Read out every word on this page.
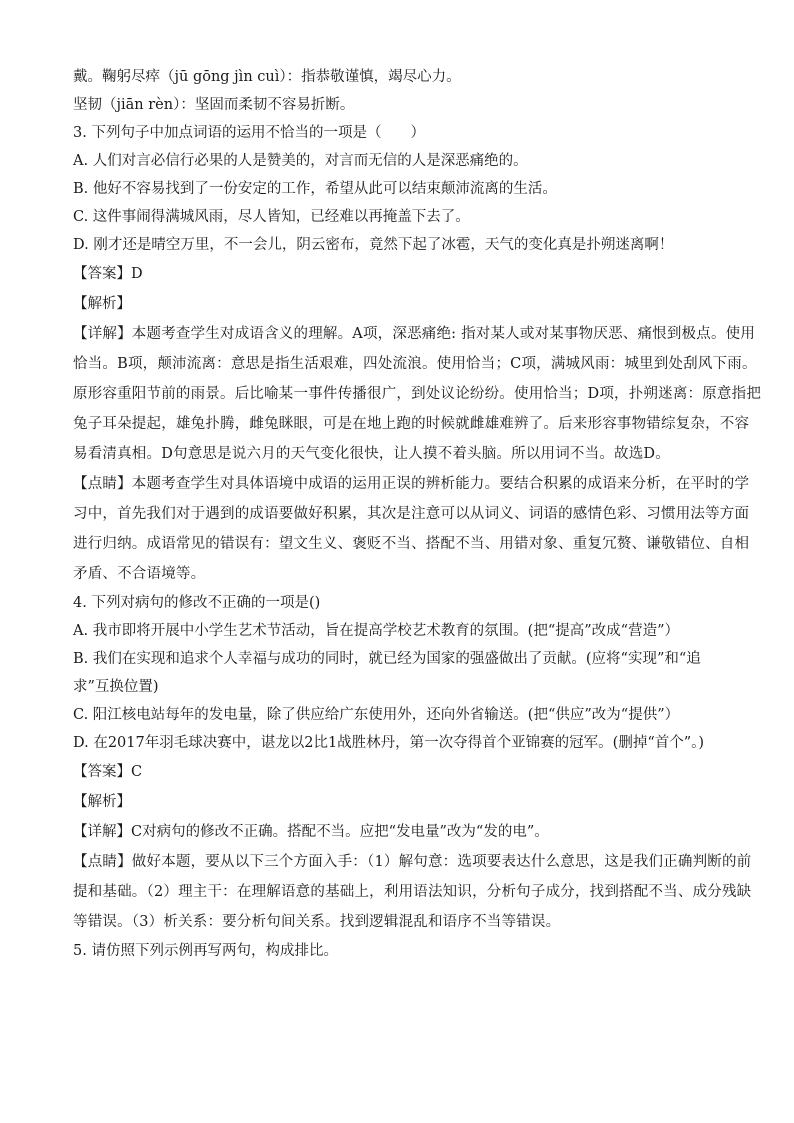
戴。鞠躬尽瘁（jū gōng jìn cuì）：指恭敬谨慎，竭尽心力。
坚韧（jiān rèn）：坚固而柔韧不容易折断。
3. 下列句子中加点词语的运用不恰当的一项是（　　）
A. 人们对言必信行必果的人是赞美的，对言而无信的人是深恶痛绝的。
B. 他好不容易找到了一份安定的工作，希望从此可以结束颠沛流离的生活。
C. 这件事闹得满城风雨，尽人皆知，已经难以再掩盖下去了。
D. 刚才还是晴空万里，不一会儿，阴云密布，竟然下起了冰雹，天气的变化真是扑朔迷离啊！
【答案】D
【解析】
【详解】本题考查学生对成语含义的理解。A项，深恶痛绝: 指对某人或对某事物厌恶、痛恨到极点。使用
恰当。B项，颠沛流离：意思是指生活艰难，四处流浪。使用恰当；C项，满城风雨：城里到处刮风下雨。
原形容重阳节前的雨景。后比喻某一事件传播很广，到处议论纷纷。使用恰当；D项，扑朔迷离：原意指把
兔子耳朵提起，雄兔扑腾，雌兔眯眼，可是在地上跑的时候就雌雄难辨了。后来形容事物错综复杂，不容
易看清真相。D句意思是说六月的天气变化很快，让人摸不着头脑。所以用词不当。故选D。
【点睛】本题考查学生对具体语境中成语的运用正误的辨析能力。要结合积累的成语来分析，在平时的学
习中，首先我们对于遇到的成语要做好积累，其次是注意可以从词义、词语的感情色彩、习惯用法等方面
进行归纳。成语常见的错误有：望文生义、褒贬不当、搭配不当、用错对象、重复冗赘、谦敬错位、自相
矛盾、不合语境等。
4. 下列对病句的修改不正确的一项是()
A. 我市即将开展中小学生艺术节活动，旨在提高学校艺术教育的氛围。(把“提高”改成“营造”）
B. 我们在实现和追求个人幸福与成功的同时，就已经为国家的强盛做出了贡献。(应将“实现”和“追
求”互换位置)
C. 阳江核电站每年的发电量，除了供应给广东使用外，还向外省输送。(把“供应”改为“提供”）
D. 在2017年羽毛球决赛中，谌龙以2比1战胜林丹，第一次夺得首个亚锦赛的冠军。(删掉“首个”。)
【答案】C
【解析】
【详解】C对病句的修改不正确。搭配不当。应把“发电量”改为“发的电”。
【点睛】做好本题，要从以下三个方面入手：（1）解句意：选项要表达什么意思，这是我们正确判断的前
提和基础。（2）理主干：在理解语意的基础上，利用语法知识，分析句子成分，找到搭配不当、成分残缺
等错误。（3）析关系：要分析句间关系。找到逻辑混乱和语序不当等错误。
5. 请仿照下列示例再写两句，构成排比。
